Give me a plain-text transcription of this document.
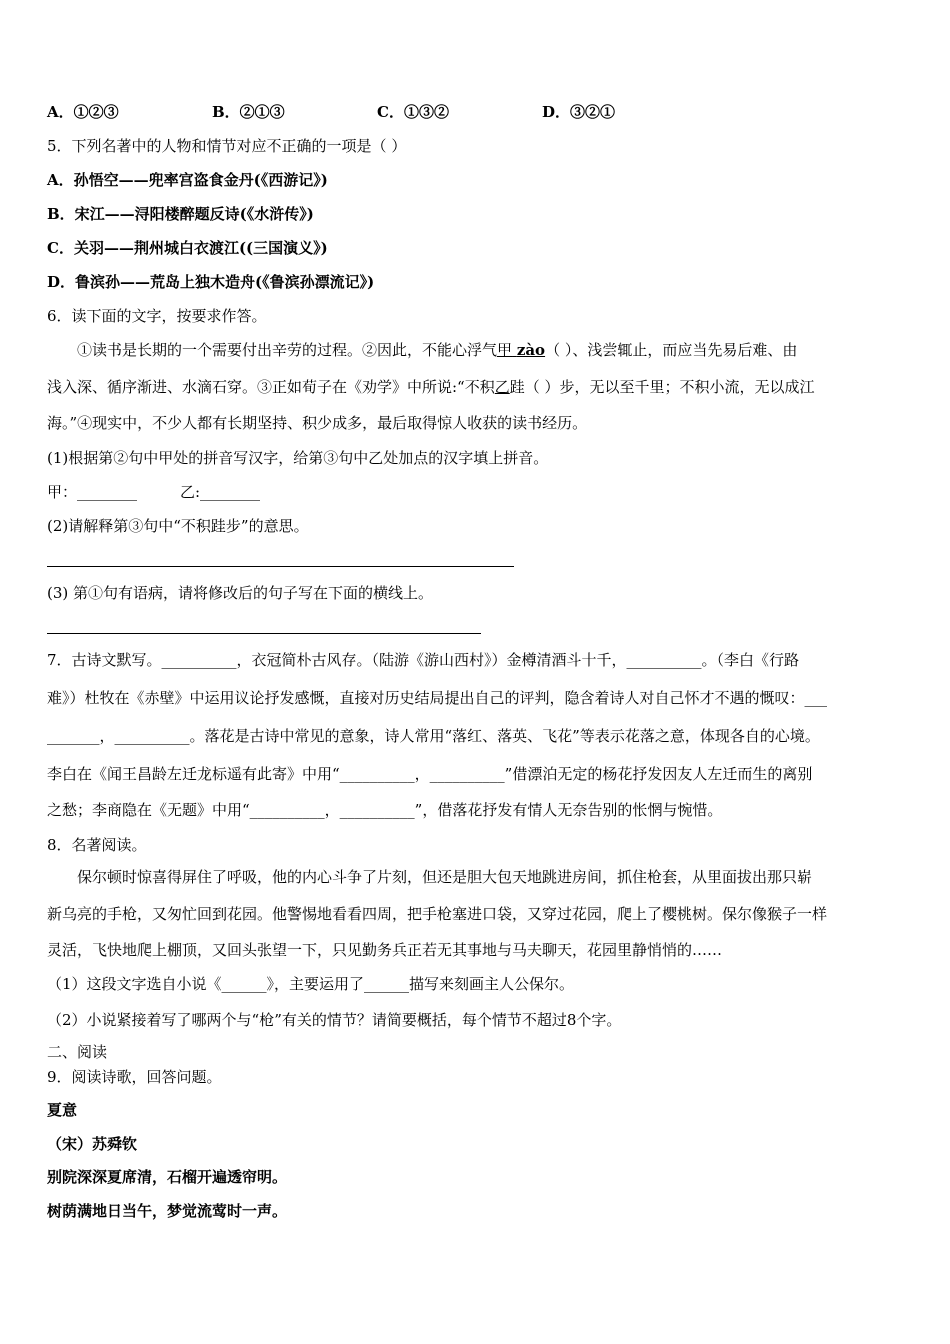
A．①②③	B．②①③	C．①③②	D．③②①
5．下列名著中的人物和情节对应不正确的一项是（ ）
A．孙悟空——兜率宫盗食金丹(《西游记》)
B．宋江——浔阳楼醉题反诗(《水浒传》)
C．关羽——荆州城白衣渡江((三国演义》)
D．鲁滨孙——荒岛上独木造舟(《鲁滨孙漂流记》)
6．读下面的文字，按要求作答。
①读书是长期的一个需要付出辛劳的过程。②因此，不能心浮气甲 zào（ ）、浅尝辄止，而应当先易后难、由
浅入深、循序渐进、水滴石穿。③正如荀子在《劝学》中所说:“不积乙跬（ ）步，无以至千里；不积小流，无以成江
海。”④现实中，不少人都有长期坚持、积少成多，最后取得惊人收获的读书经历。
(1)根据第②句中甲处的拼音写汉字，给第③句中乙处加点的汉字填上拼音。
甲：________	乙:________
(2)请解释第③句中“不积跬步”的意思。
(3) 第①句有语病，请将修改后的句子写在下面的横线上。
7．古诗文默写。__________，衣冠简朴古风存。（陆游《游山西村》）金樽清酒斗十千，__________。（李白《行路
难》）杜牧在《赤壁》中运用议论抒发感慨，直接对历史结局提出自己的评判，隐含着诗人对自己怀才不遇的慨叹：___
_______，__________。落花是古诗中常见的意象，诗人常用“落红、落英、飞花”等表示花落之意，体现各自的心境。
李白在《闻王昌龄左迁龙标遥有此寄》中用“__________，__________”借漂泊无定的杨花抒发因友人左迁而生的离别
之愁；李商隐在《无题》中用“__________，__________”，借落花抒发有情人无奈告别的怅惘与惋惜。
8．名著阅读。
保尔顿时惊喜得屏住了呼吸，他的内心斗争了片刻，但还是胆大包天地跳进房间，抓住枪套，从里面拔出那只崭
新乌亮的手枪，又匆忙回到花园。他警惕地看看四周，把手枪塞进口袋，又穿过花园，爬上了樱桃树。保尔像猴子一样
灵活，飞快地爬上棚顶，又回头张望一下，只见勤务兵正若无其事地与马夫聊天，花园里静悄悄的……
（1）这段文字选自小说《______》，主要运用了______描写来刻画主人公保尔。
（2）小说紧接着写了哪两个与“枪”有关的情节？请简要概括，每个情节不超过8个字。
二、阅读
9．阅读诗歌，回答问题。
夏意
（宋）苏舜钦
别院深深夏席清，石榴开遍透帘明。
树荫满地日当午，梦觉流莺时一声。
